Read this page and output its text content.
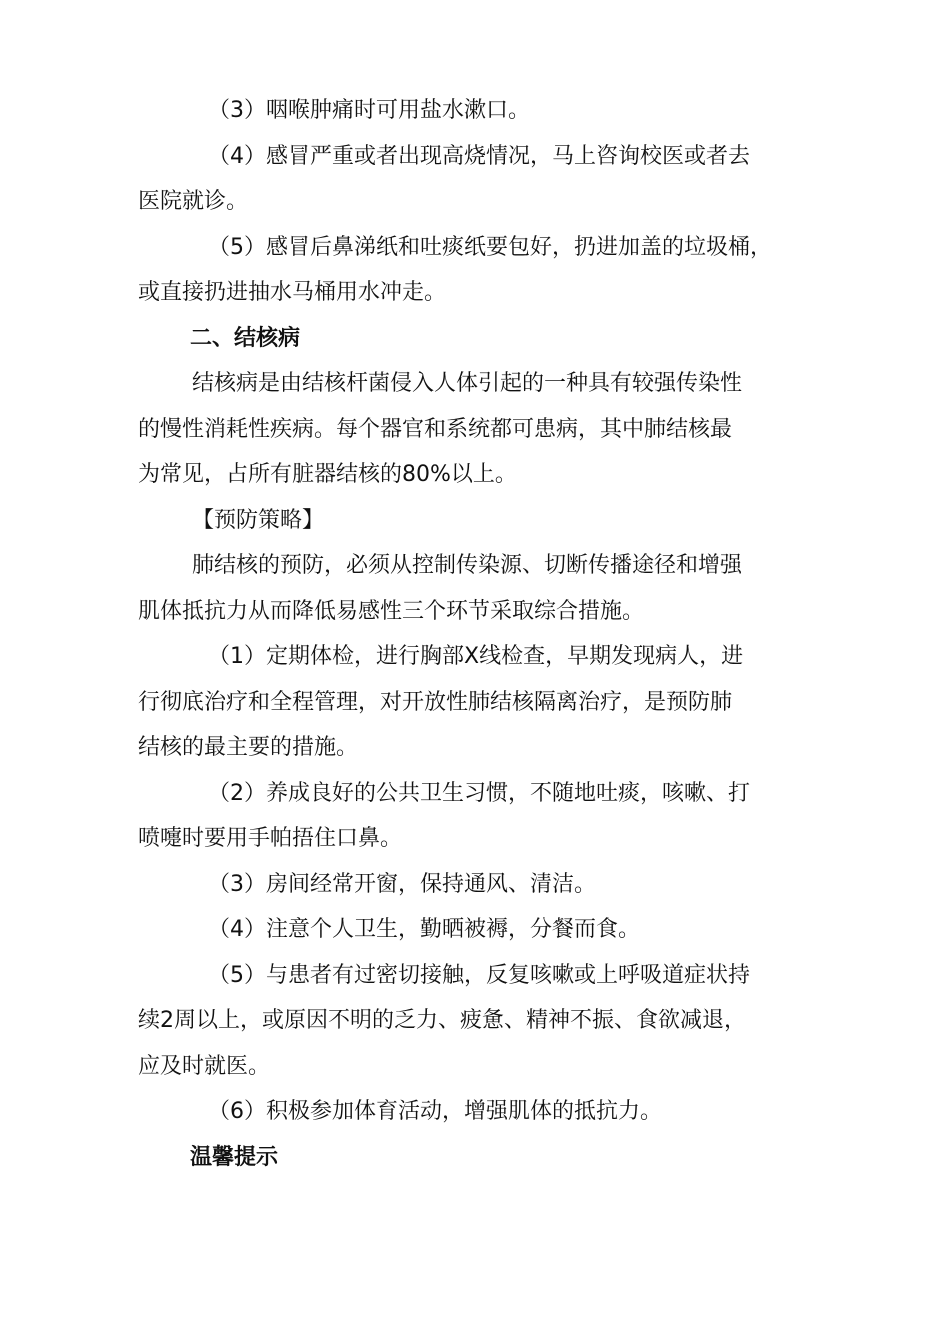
（3）咽喉肿痛时可用盐水漱口。

（4）感冒严重或者出现高烧情况，马上咨询校医或者去

医院就诊。

（5）感冒后鼻涕纸和吐痰纸要包好，扔进加盖的垃圾桶，

或直接扔进抽水马桶用水冲走。

二、结核病

结核病是由结核杆菌侵入人体引起的一种具有较强传染性

的慢性消耗性疾病。每个器官和系统都可患病，其中肺结核最

为常见，占所有脏器结核的80%以上。

【预防策略】

肺结核的预防，必须从控制传染源、切断传播途径和增强

肌体抵抗力从而降低易感性三个环节采取综合措施。

（1）定期体检，进行胸部X线检查，早期发现病人，进

行彻底治疗和全程管理，对开放性肺结核隔离治疗，是预防肺

结核的最主要的措施。

（2）养成良好的公共卫生习惯，不随地吐痰，咳嗽、打

喷嚏时要用手帕捂住口鼻。

（3）房间经常开窗，保持通风、清洁。

（4）注意个人卫生，勤晒被褥，分餐而食。

（5）与患者有过密切接触，反复咳嗽或上呼吸道症状持

续2周以上，或原因不明的乏力、疲惫、精神不振、食欲减退，

应及时就医。

（6）积极参加体育活动，增强肌体的抵抗力。

温馨提示
